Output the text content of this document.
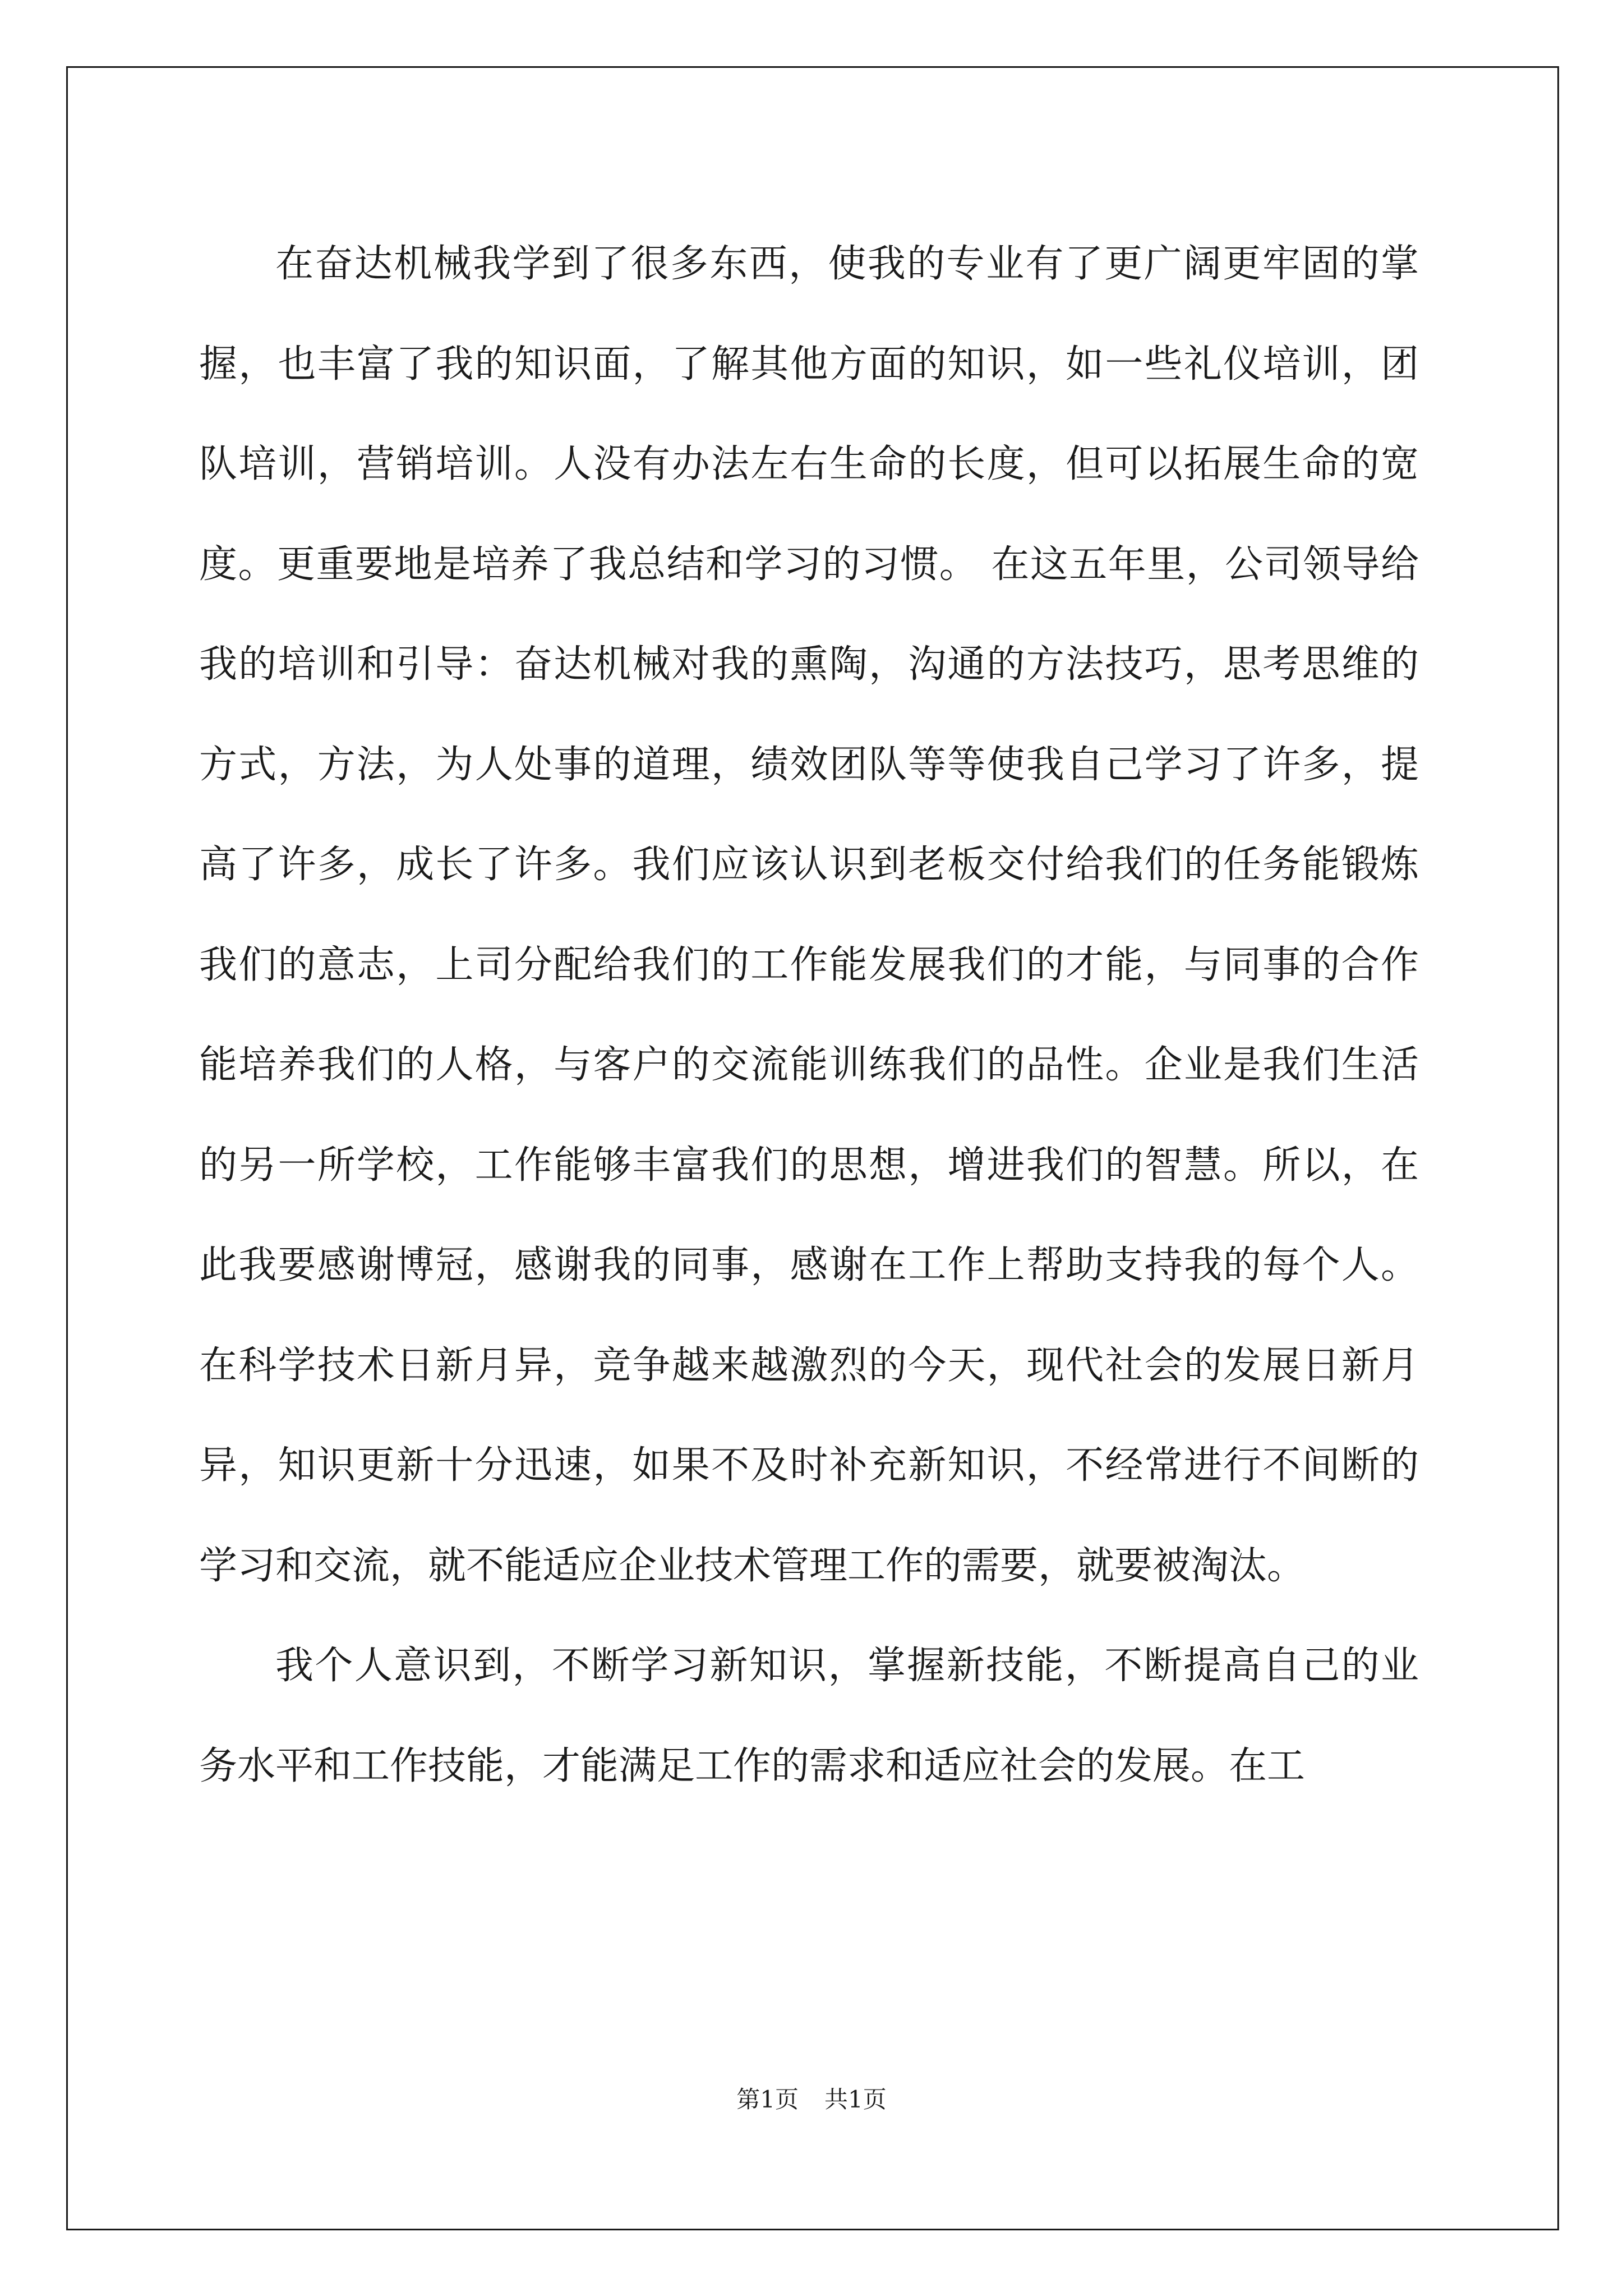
在奋达机械我学到了很多东西，使我的专业有了更广阔更牢固的掌握，也丰富了我的知识面，了解其他方面的知识，如一些礼仪培训，团队培训，营销培训。人没有办法左右生命的长度，但可以拓展生命的宽度。更重要地是培养了我总结和学习的习惯。 在这五年里，公司领导给我的培训和引导：奋达机械对我的熏陶，沟通的方法技巧，思考思维的方式，方法，为人处事的道理，绩效团队等等使我自己学习了许多，提高了许多，成长了许多。我们应该认识到老板交付给我们的任务能锻炼我们的意志，上司分配给我们的工作能发展我们的才能，与同事的合作能培养我们的人格，与客户的交流能训练我们的品性。企业是我们生活的另一所学校，工作能够丰富我们的思想，增进我们的智慧。所以，在此我要感谢博冠，感谢我的同事，感谢在工作上帮助支持我的每个人。 在科学技术日新月异，竞争越来越激烈的今天，现代社会的发展日新月异，知识更新十分迅速，如果不及时补充新知识，不经常进行不间断的学习和交流，就不能适应企业技术管理工作的需要，就要被淘汰。

我个人意识到，不断学习新知识，掌握新技能，不断提高自己的业务水平和工作技能，才能满足工作的需求和适应社会的发展。在工

第1页 共1页
